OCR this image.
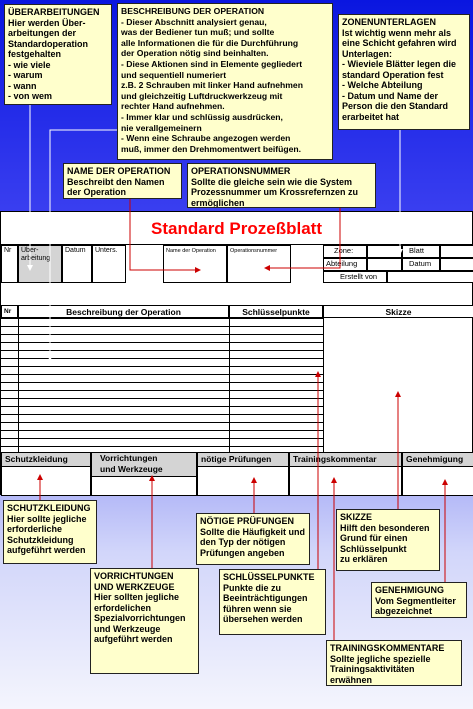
ÜBERARBEITUNGEN
Hier werden Über-
arbeitungen der
Standardoperation
festgehalten
- wie viele
- warum
- wann
- von wem
BESCHREIBUNG DER OPERATION
- Dieser Abschnitt analysiert genau,
was der Bediener tun muß; und sollte
alle Informationen die für die Durchführung
der Operation nötig sind beinhalten.
- Diese Aktionen sind in Elemente gegliedert
und sequentiell numeriert
z.B. 2 Schrauben mit linker Hand aufnehmen
und gleichzeitig Luftdruckwerkzeug mit
rechter Hand aufnehmen.
- Immer klar und schlüssig ausdrücken,
nie verallgemeinern
- Wenn eine Schraube angezogen werden
muß, immer den Drehmomentwert beifügen.
ZONENUNTERLAGEN
Ist wichtig wenn mehr als
eine Schicht gefahren wird
Unterlagen:
- Wieviele Blätter legen die
standard Operation fest
- Welche Abteilung
- Datum und Name der
Person die den Standard
erarbeitet hat
NAME DER OPERATION
Beschreibt den Namen
der Operation
OPERATIONSNUMMER
Sollte die gleiche sein wie die System
Prozessnummer um Krossrefernzen zu
ermöglichen
SCHUTZKLEIDUNG
Hier sollte jegliche
erforderliche
Schutzkleidung
aufgeführt werden
VORRICHTUNGEN
UND WERKZEUGE
Hier sollten jegliche
erfordelichen
Spezialvorrichtungen
und Werkzeuge
aufgeführt werden
NÖTIGE PRÜFUNGEN
Sollte die Häufigkeit und
den Typ der nötigen
Prüfungen angeben
SCHLÜSSELPUNKTE
Punkte die zu
Beeinträchtigungen
führen wenn sie
übersehen werden
SKIZZE
Hilft den besonderen
Grund für einen
Schlüsselpunkt
zu erklären
GENEHMIGUNG
Vom Segmentleiter
abgezeichnet
TRAININGSKOMMENTARE
Sollte jegliche spezielle
Trainingsaktivitäten
erwähnen
Standard Prozeßblatt
Nr	Über-
arbeitung
Datum	Unters.	Name der Operation	Operationsnummer	Zone:	Blatt
Abteilung	Datum
Erstellt von
Nr	Beschreibung der Operation	Schlüsselpunkte	Skizze
Schutzkleidung	Vorrichtungen
und Werkzeuge
nötige Prüfungen	Trainingskommentar	Genehmigung
